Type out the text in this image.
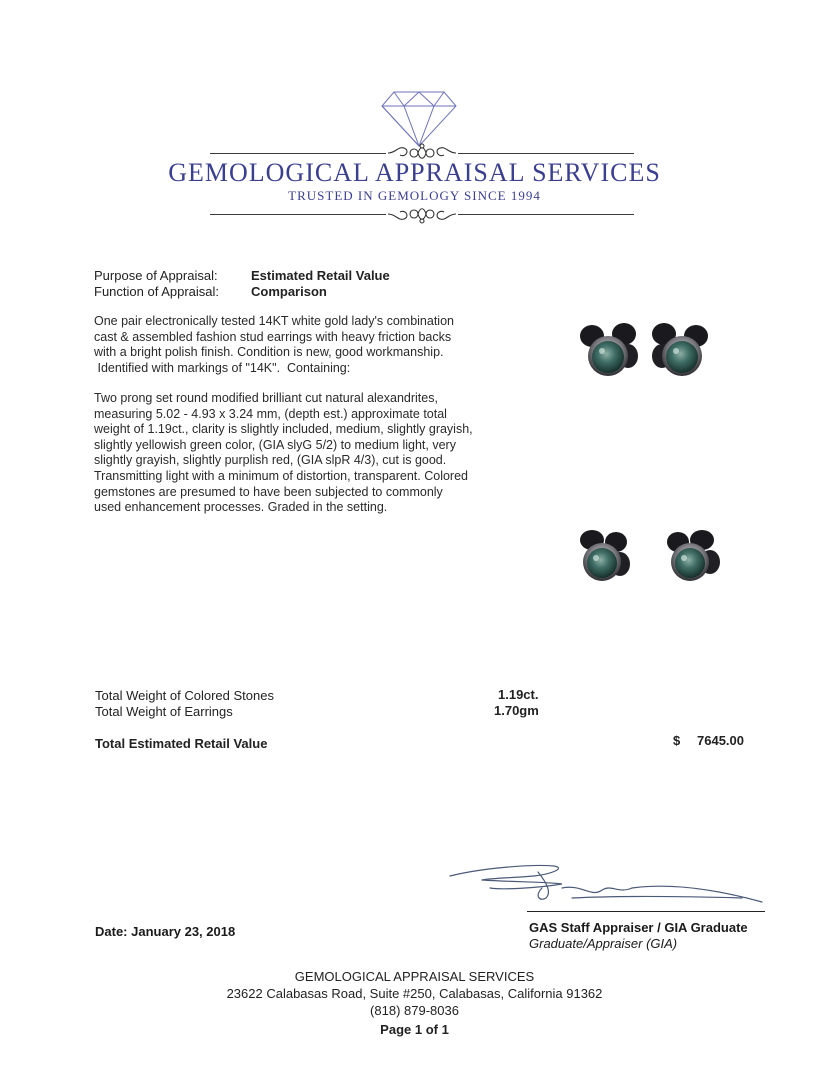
GEMOLOGICAL APPRAISAL SERVICES
TRUSTED IN GEMOLOGY SINCE 1994
Purpose of Appraisal:	Estimated Retail Value
Function of Appraisal: Comparison
One pair electronically tested 14KT white gold lady's combination
cast & assembled fashion stud earrings with heavy friction backs
with a bright polish finish. Condition is new, good workmanship.
Identified with markings of "14K".  Containing:
Two prong set round modified brilliant cut natural alexandrites,
measuring 5.02 - 4.93 x 3.24 mm, (depth est.) approximate total
weight of 1.19ct., clarity is slightly included, medium, slightly grayish,
slightly yellowish green color, (GIA slyG 5/2) to medium light, very
slightly grayish, slightly purplish red, (GIA slpR 4/3), cut is good.
Transmitting light with a minimum of distortion, transparent. Colored
gemstones are presumed to have been subjected to commonly
used enhancement processes. Graded in the setting.
Total Weight of Colored Stones	1.19ct.
Total Weight of Earrings	1.70gm
Total Estimated Retail Value	$ 7645.00
GAS Staff Appraiser / GIA Graduate
Graduate/Appraiser (GIA)
Date: January 23, 2018
GEMOLOGICAL APPRAISAL SERVICES
23622 Calabasas Road, Suite #250, Calabasas, California 91362
(818) 879-8036
Page 1 of 1
